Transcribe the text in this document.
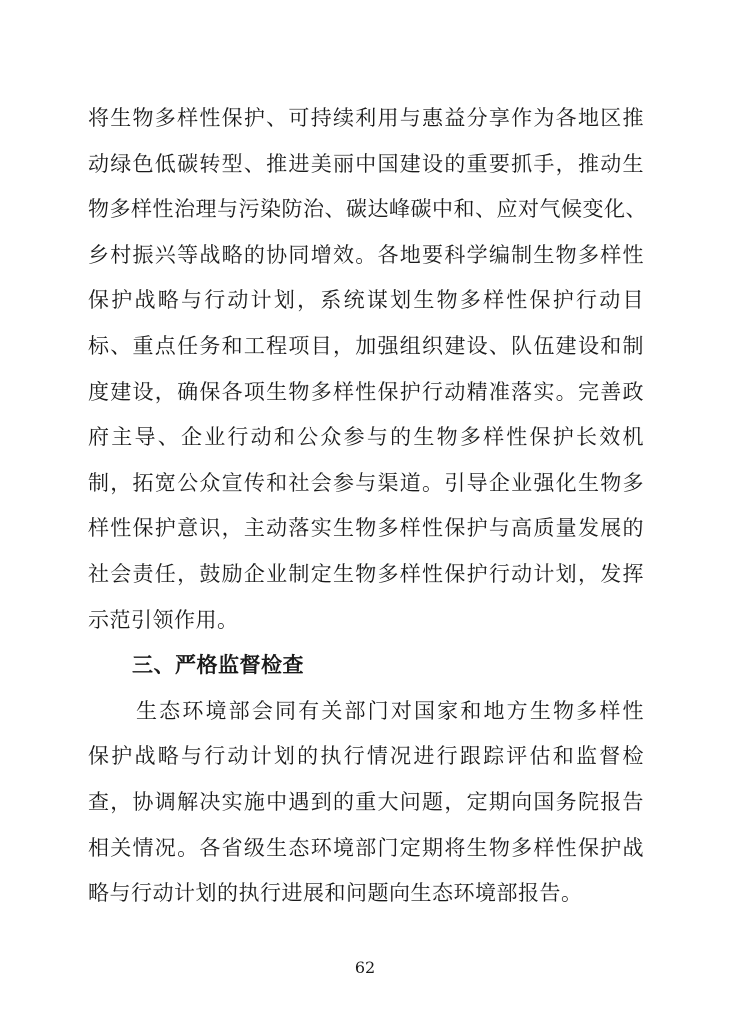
将生物多样性保护、可持续利用与惠益分享作为各地区推
动绿色低碳转型、推进美丽中国建设的重要抓手，推动生
物多样性治理与污染防治、碳达峰碳中和、应对气候变化、
乡村振兴等战略的协同增效。各地要科学编制生物多样性
保护战略与行动计划，系统谋划生物多样性保护行动目
标、重点任务和工程项目，加强组织建设、队伍建设和制
度建设，确保各项生物多样性保护行动精准落实。完善政
府主导、企业行动和公众参与的生物多样性保护长效机
制，拓宽公众宣传和社会参与渠道。引导企业强化生物多
样性保护意识，主动落实生物多样性保护与高质量发展的
社会责任，鼓励企业制定生物多样性保护行动计划，发挥
示范引领作用。
三、严格监督检查
生态环境部会同有关部门对国家和地方生物多样性
保护战略与行动计划的执行情况进行跟踪评估和监督检
查，协调解决实施中遇到的重大问题，定期向国务院报告
相关情况。各省级生态环境部门定期将生物多样性保护战
略与行动计划的执行进展和问题向生态环境部报告。
62
